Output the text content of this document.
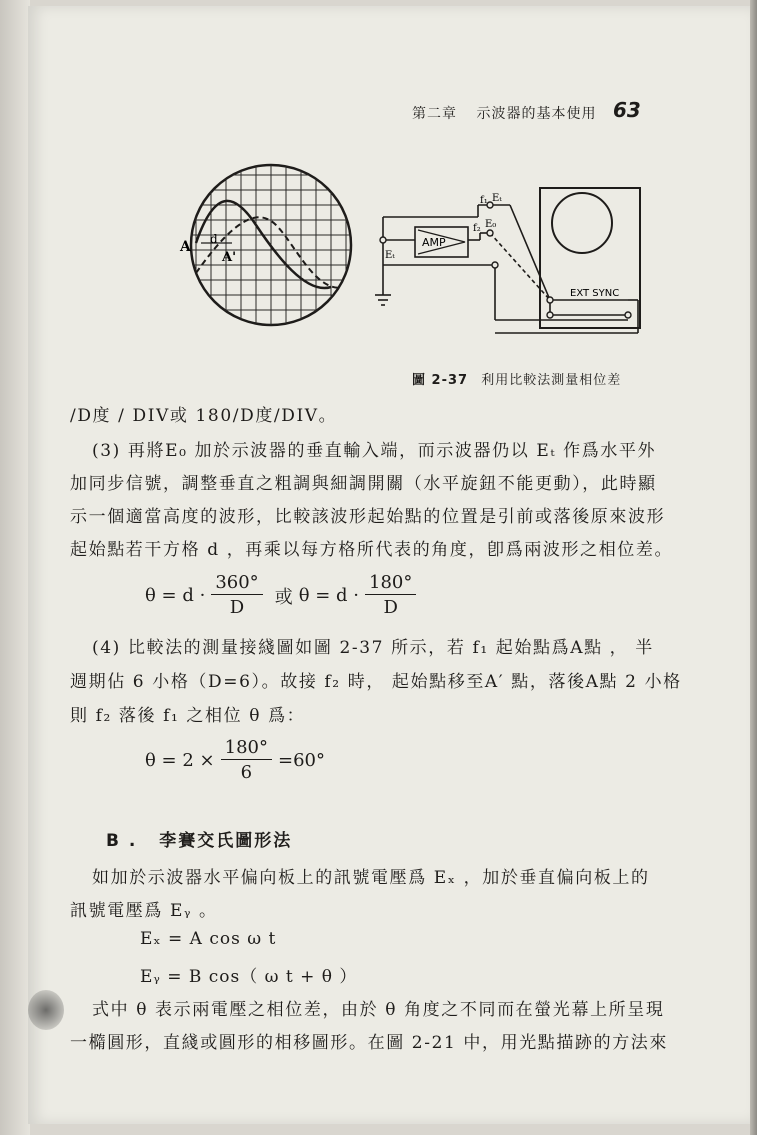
第二章 示波器的基本使用 63
A d
A'
AMP
EXT SYNC
f₁ Eₜ
f₂ E₀
Eₜ
圖 2-37 利用比較法測量相位差
/D度 / DIV或 180/D度/DIV。
(3) 再將E₀ 加於示波器的垂直輸入端，而示波器仍以 Eₜ 作爲水平外
加同步信號，調整垂直之粗調與細調開關（水平旋鈕不能更動），此時顯
示一個適當高度的波形，比較該波形起始點的位置是引前或落後原來波形
起始點若干方格 d ，再乘以每方格所代表的角度，卽爲兩波形之相位差。
$\theta = d \cdot \frac{360^\circ}{D}$ 或 $\theta = d \cdot \frac{180^\circ}{D}$
(4) 比較法的測量接綫圖如圖 2-37 所示，若 f₁ 起始點爲A點 ， 半
週期佔 6 小格（D=6）。故接 f₂ 時， 起始點移至A′ 點，落後A點 2 小格
則 f₂ 落後 f₁ 之相位 θ 爲：
$\theta = 2 \times \frac{180^\circ}{6} =60^\circ$
B . 李賽交氏圖形法
如加於示波器水平偏向板上的訊號電壓爲 Eₓ ，加於垂直偏向板上的
訊號電壓爲 Eᵧ 。
Eₓ = A cos ω t
Eᵧ = B cos（ ω t + θ ）
式中 θ 表示兩電壓之相位差，由於 θ 角度之不同而在螢光幕上所呈現
一橢圓形，直綫或圓形的相移圖形。在圖 2-21 中，用光點描跡的方法來
